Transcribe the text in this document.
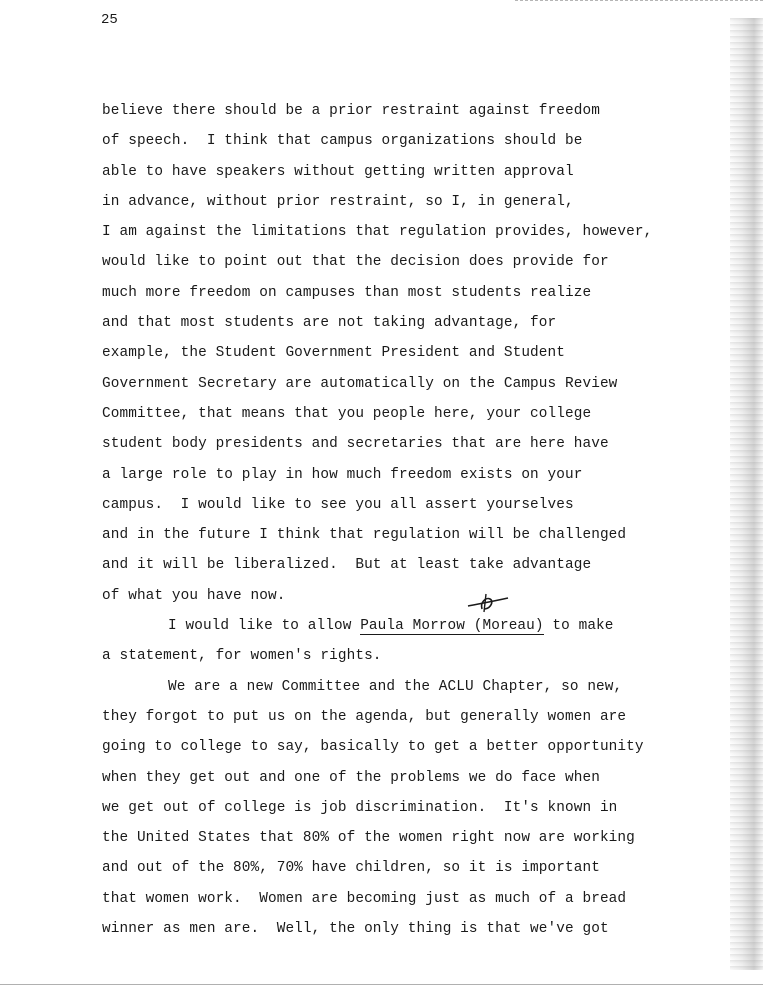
25
believe there should be a prior restraint against freedom
of speech.  I think that campus organizations should be
able to have speakers without getting written approval
in advance, without prior restraint, so I, in general,
I am against the limitations that regulation provides, however,
would like to point out that the decision does provide for
much more freedom on campuses than most students realize
and that most students are not taking advantage, for
example, the Student Government President and Student
Government Secretary are automatically on the Campus Review
Committee, that means that you people here, your college
student body presidents and secretaries that are here have
a large role to play in how much freedom exists on your
campus.  I would like to see you all assert yourselves
and in the future I think that regulation will be challenged
and it will be liberalized.  But at least take advantage
of what you have now.
I would like to allow Paula Morrow (Moreau) to make
a statement, for women's rights.
We are a new Committee and the ACLU Chapter, so new,
they forgot to put us on the agenda, but generally women are
going to college to say, basically to get a better opportunity
when they get out and one of the problems we do face when
we get out of college is job discrimination.  It's known in
the United States that 80% of the women right now are working
and out of the 80%, 70% have children, so it is important
that women work.  Women are becoming just as much of a bread
winner as men are.  Well, the only thing is that we've got
